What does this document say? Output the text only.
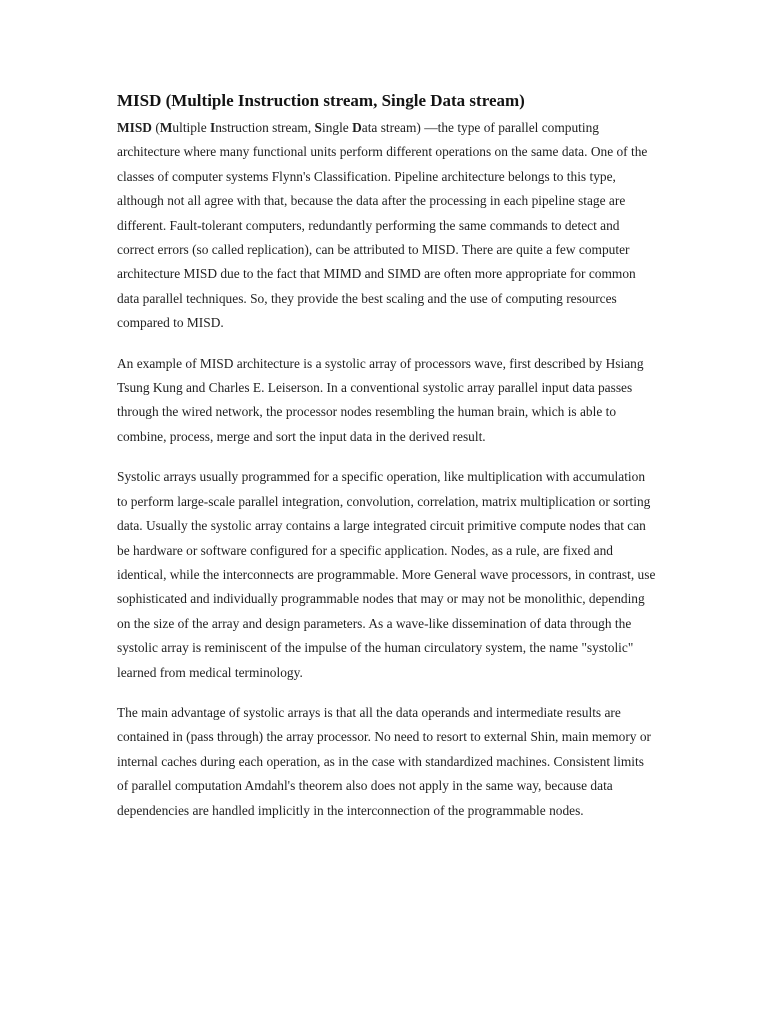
MISD (Multiple Instruction stream, Single Data stream)

MISD (Multiple Instruction stream, Single Data stream) —the type of parallel computing architecture where many functional units perform different operations on the same data. One of the classes of computer systems Flynn's Classification. Pipeline architecture belongs to this type, although not all agree with that, because the data after the processing in each pipeline stage are different. Fault-tolerant computers, redundantly performing the same commands to detect and correct errors (so called replication), can be attributed to MISD. There are quite a few computer architecture MISD due to the fact that MIMD and SIMD are often more appropriate for common data parallel techniques. So, they provide the best scaling and the use of computing resources compared to MISD.

An example of MISD architecture is a systolic array of processors wave, first described by Hsiang Tsung Kung and Charles E. Leiserson. In a conventional systolic array parallel input data passes through the wired network, the processor nodes resembling the human brain, which is able to combine, process, merge and sort the input data in the derived result.

Systolic arrays usually programmed for a specific operation, like multiplication with accumulation to perform large-scale parallel integration, convolution, correlation, matrix multiplication or sorting data. Usually the systolic array contains a large integrated circuit primitive compute nodes that can be hardware or software configured for a specific application. Nodes, as a rule, are fixed and identical, while the interconnects are programmable. More General wave processors, in contrast, use sophisticated and individually programmable nodes that may or may not be monolithic, depending on the size of the array and design parameters. As a wave-like dissemination of data through the systolic array is reminiscent of the impulse of the human circulatory system, the name "systolic" learned from medical terminology.

The main advantage of systolic arrays is that all the data operands and intermediate results are contained in (pass through) the array processor. No need to resort to external Shin, main memory or internal caches during each operation, as in the case with standardized machines. Consistent limits of parallel computation Amdahl's theorem also does not apply in the same way, because data dependencies are handled implicitly in the interconnection of the programmable nodes.
